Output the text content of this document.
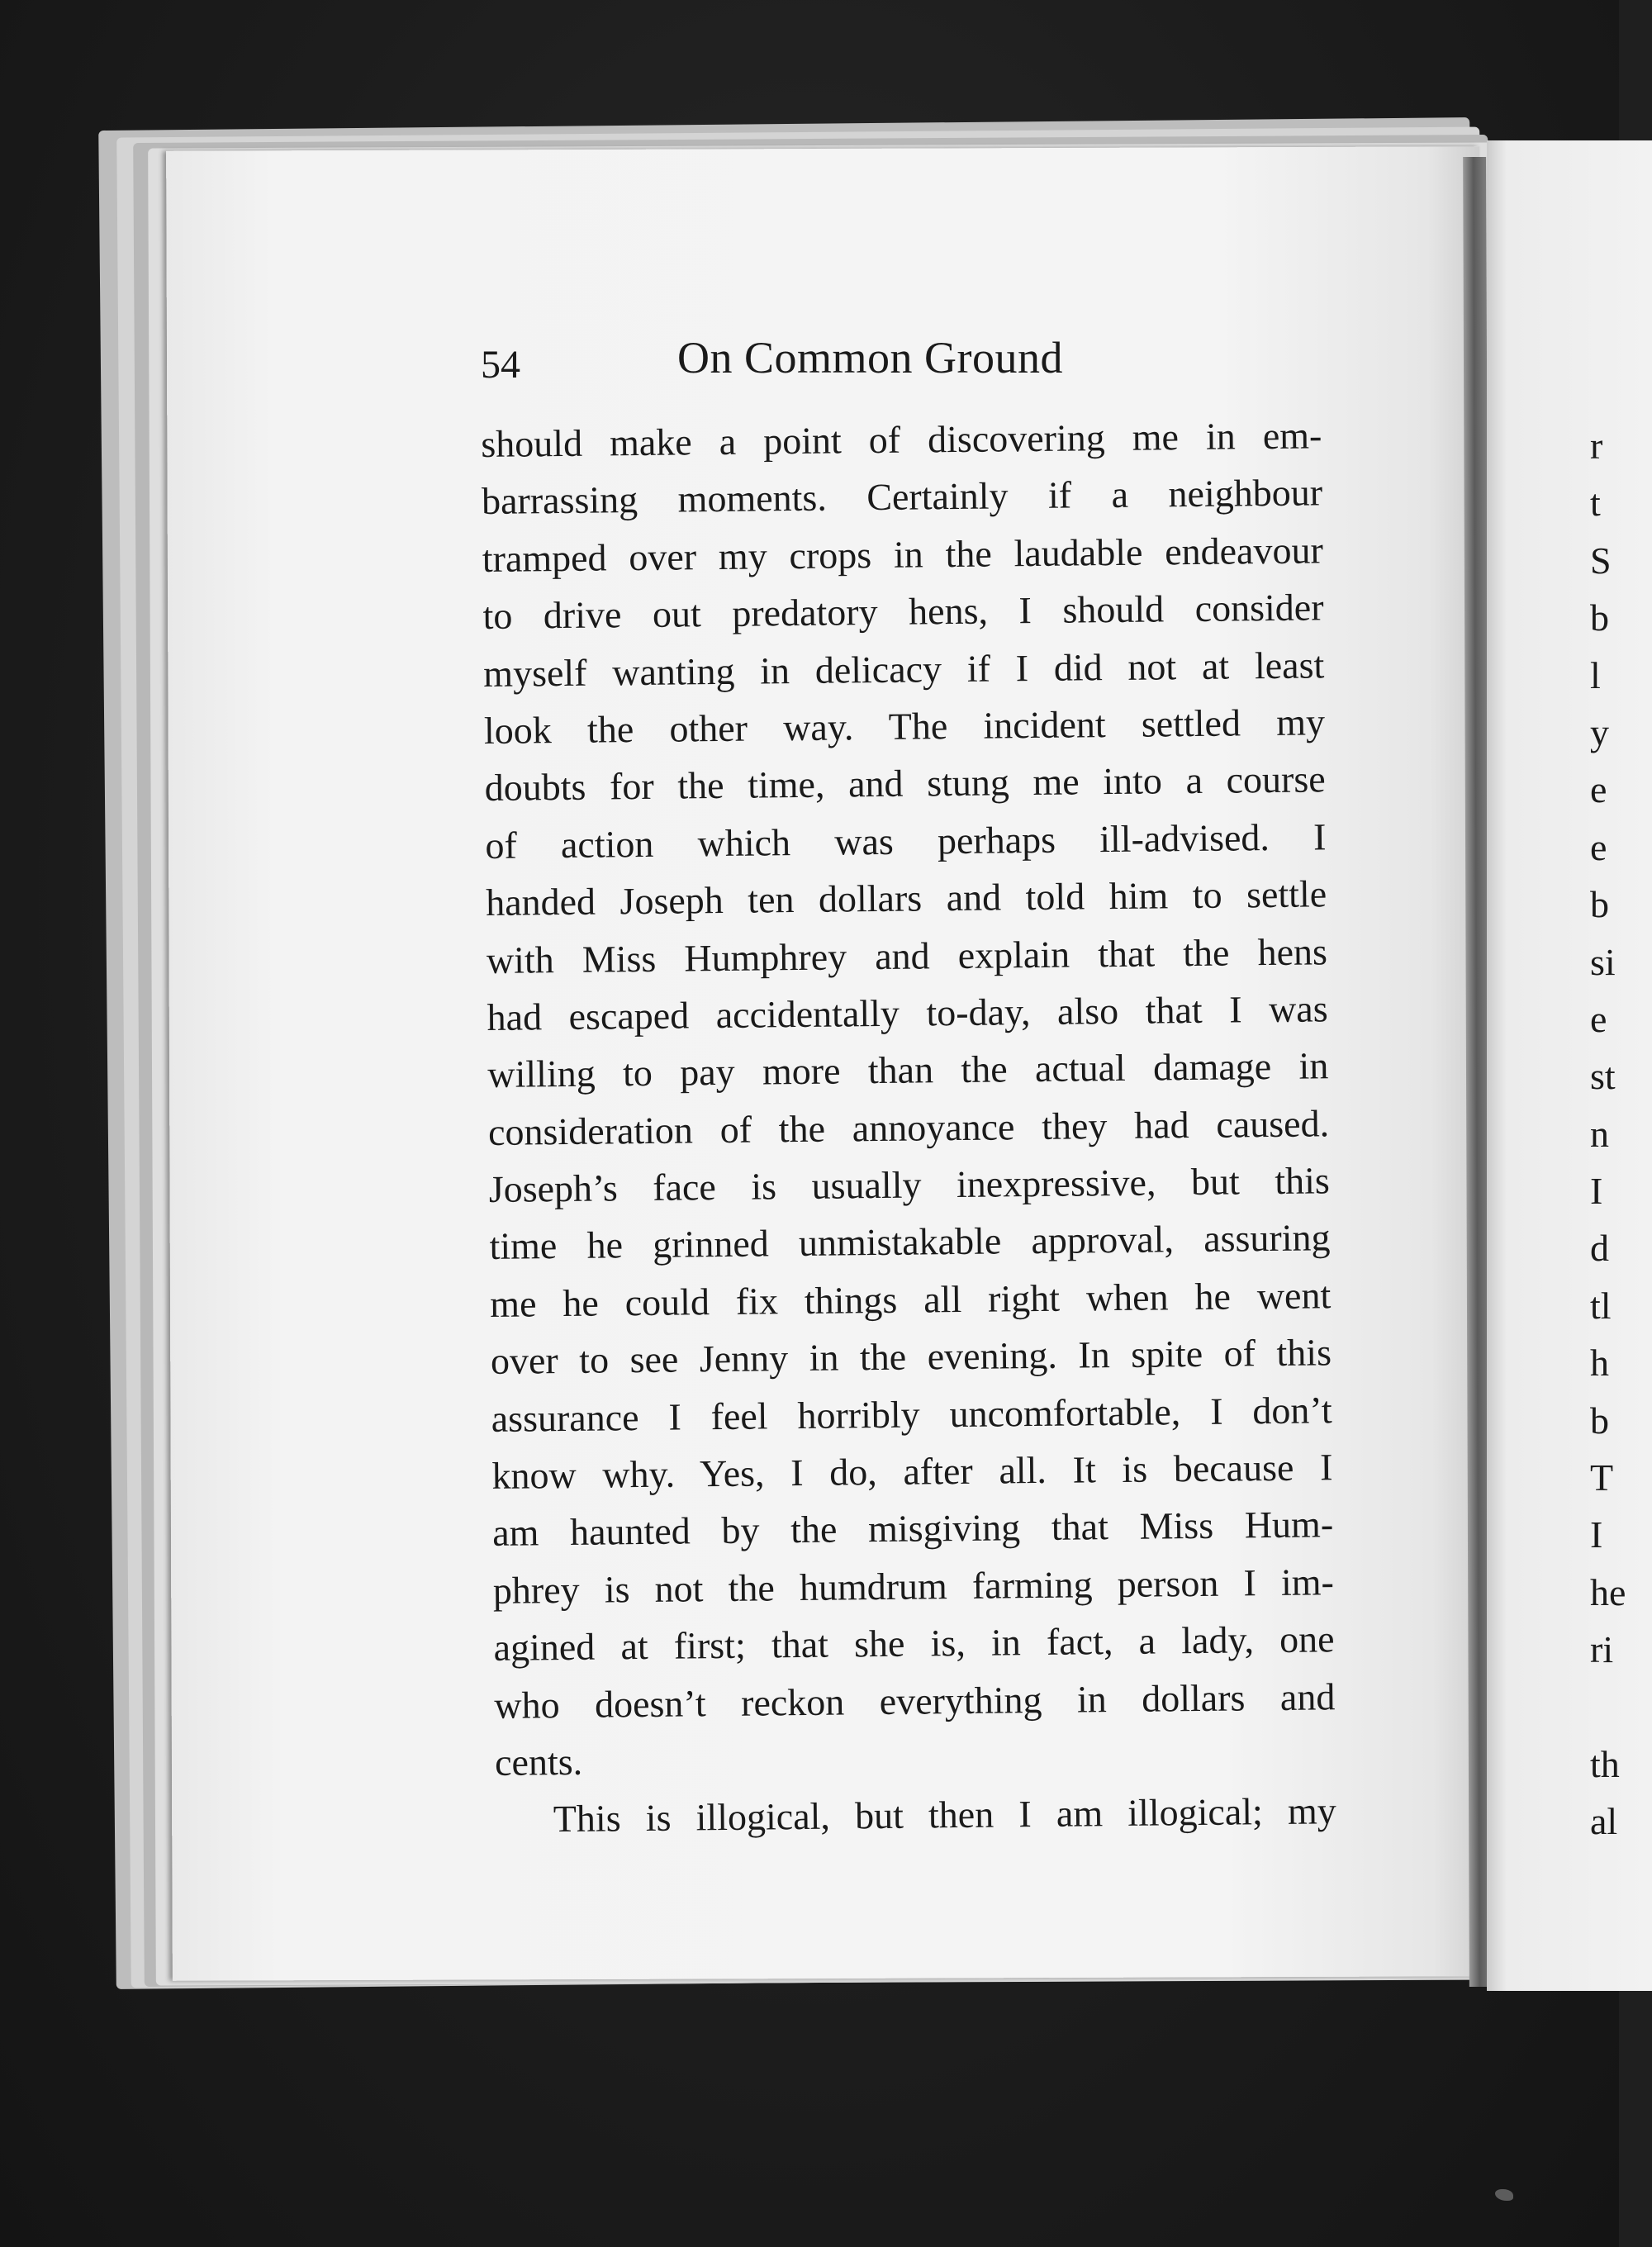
54	On Common Ground

should make a point of discovering me in em-
barrassing moments. Certainly if a neighbour
tramped over my crops in the laudable endeavour
to drive out predatory hens, I should consider
myself wanting in delicacy if I did not at least
look the other way. The incident settled my
doubts for the time, and stung me into a course
of action which was perhaps ill-advised. I
handed Joseph ten dollars and told him to settle
with Miss Humphrey and explain that the hens
had escaped accidentally to-day, also that I was
willing to pay more than the actual damage in
consideration of the annoyance they had caused.
Joseph’s face is usually inexpressive, but this
time he grinned unmistakable approval, assuring
me he could fix things all right when he went
over to see Jenny in the evening. In spite of this
assurance I feel horribly uncomfortable, I don’t
know why. Yes, I do, after all. It is because I
am haunted by the misgiving that Miss Hum-
phrey is not the humdrum farming person I im-
agined at first; that she is, in fact, a lady, one
who doesn’t reckon everything in dollars and
cents.
This is illogical, but then I am illogical; my
r
t
S
b
l
y
e
e
b
si
e
st
n
I
d
tl
h
b
T
I
he
ri
th
al
